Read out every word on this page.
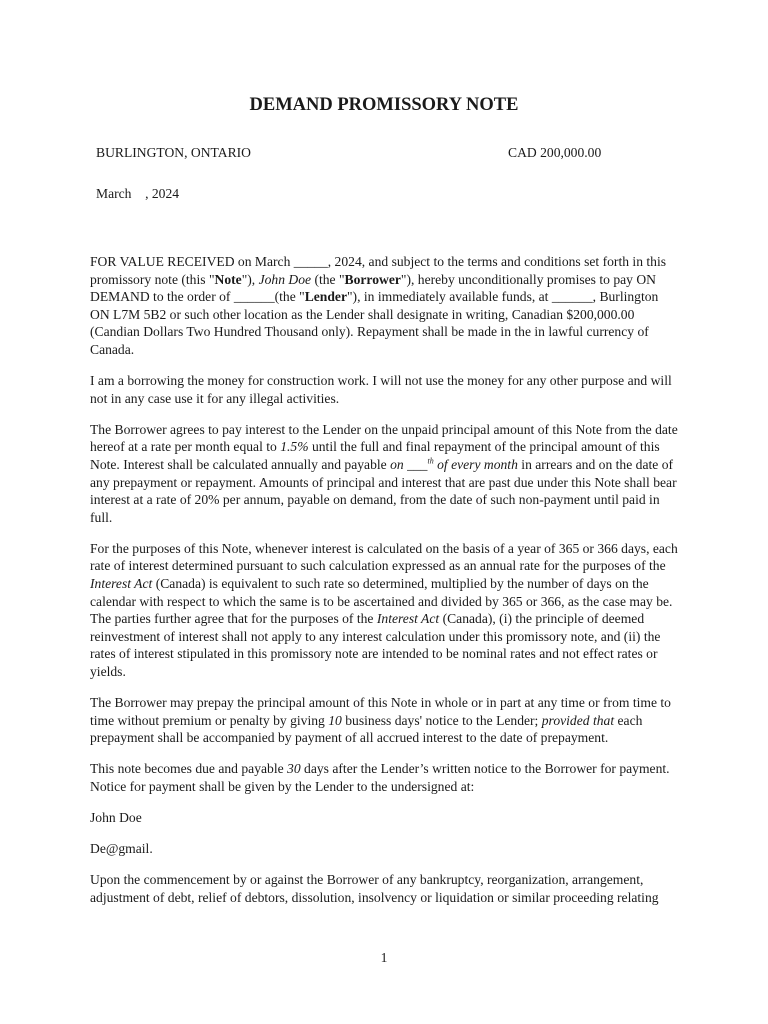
DEMAND PROMISSORY NOTE
BURLINGTON, ONTARIO	CAD 200,000.00
March    , 2024

FOR VALUE RECEIVED on March _____, 2024, and subject to the terms and conditions set forth in this promissory note (this "Note"), John Doe (the "Borrower"), hereby unconditionally promises to pay ON DEMAND to the order of ______(the "Lender"), in immediately available funds, at ______, Burlington ON L7M 5B2 or such other location as the Lender shall designate in writing, Canadian $200,000.00 (Candian Dollars Two Hundred Thousand only). Repayment shall be made in the in lawful currency of Canada.

I am a borrowing the money for construction work. I will not use the money for any other purpose and will not in any case use it for any illegal activities.

The Borrower agrees to pay interest to the Lender on the unpaid principal amount of this Note from the date hereof at a rate per month equal to 1.5% until the full and final repayment of the principal amount of this Note. Interest shall be calculated annually and payable on ___$^{th}$ of every month in arrears and on the date of any prepayment or repayment. Amounts of principal and interest that are past due under this Note shall bear interest at a rate of 20% per annum, payable on demand, from the date of such non-payment until paid in full.

For the purposes of this Note, whenever interest is calculated on the basis of a year of 365 or 366 days, each rate of interest determined pursuant to such calculation expressed as an annual rate for the purposes of the Interest Act (Canada) is equivalent to such rate so determined, multiplied by the number of days on the calendar with respect to which the same is to be ascertained and divided by 365 or 366, as the case may be. The parties further agree that for the purposes of the Interest Act (Canada), (i) the principle of deemed reinvestment of interest shall not apply to any interest calculation under this promissory note, and (ii) the rates of interest stipulated in this promissory note are intended to be nominal rates and not effect rates or yields.

The Borrower may prepay the principal amount of this Note in whole or in part at any time or from time to time without premium or penalty by giving 10 business days' notice to the Lender; provided that each prepayment shall be accompanied by payment of all accrued interest to the date of prepayment.

This note becomes due and payable 30 days after the Lender’s written notice to the Borrower for payment. Notice for payment shall be given by the Lender to the undersigned at:

John Doe

De@gmail.

Upon the commencement by or against the Borrower of any bankruptcy, reorganization, arrangement, adjustment of debt, relief of debtors, dissolution, insolvency or liquidation or similar proceeding relating

1
